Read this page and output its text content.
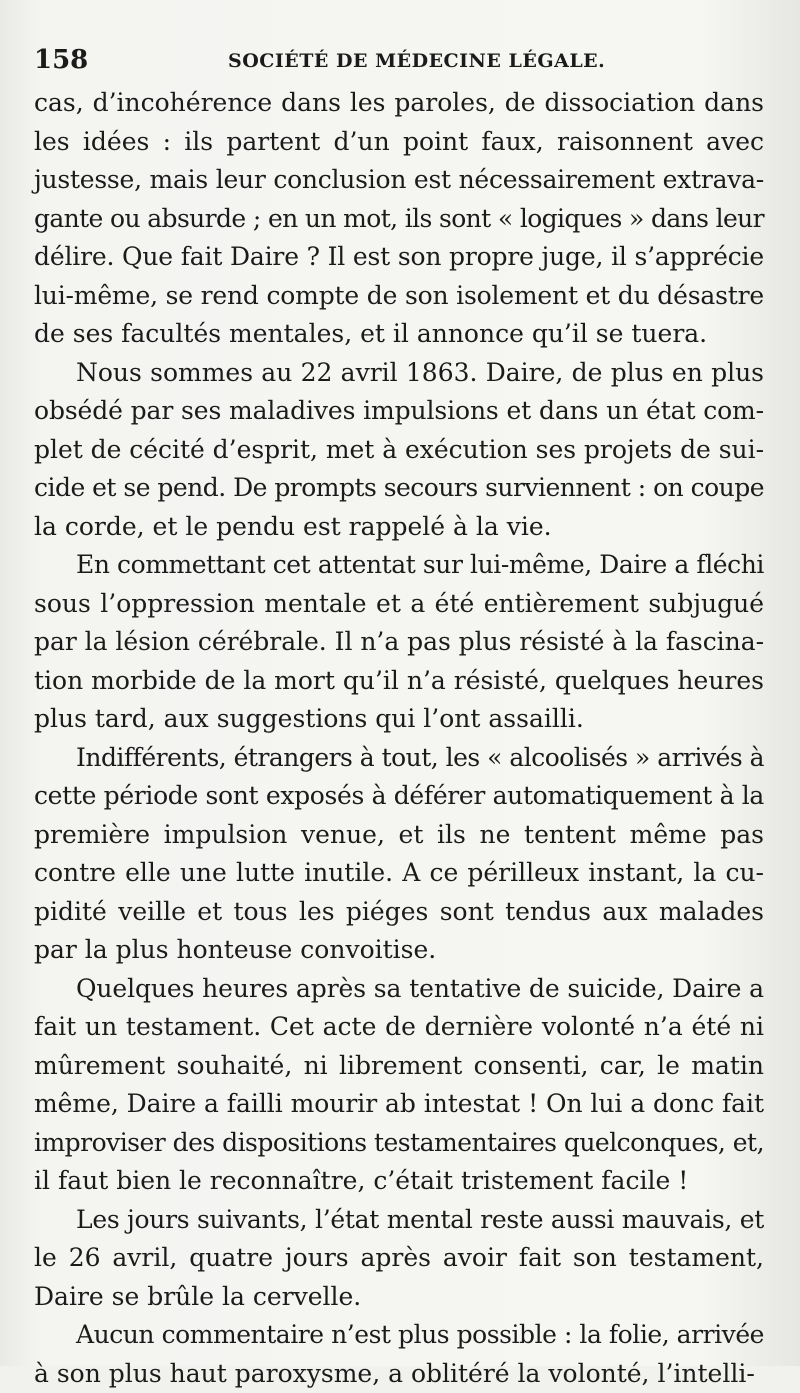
158	SOCIÉTÉ DE MÉDECINE LÉGALE.
cas, d’incohérence dans les paroles, de dissociation dans
les idées : ils partent d’un point faux, raisonnent avec
justesse, mais leur conclusion est nécessairement extrava-
gante ou absurde ; en un mot, ils sont « logiques » dans leur
délire. Que fait Daire ? Il est son propre juge, il s’apprécie
lui-même, se rend compte de son isolement et du désastre
de ses facultés mentales, et il annonce qu’il se tuera.
Nous sommes au 22 avril 1863. Daire, de plus en plus
obsédé par ses maladives impulsions et dans un état com-
plet de cécité d’esprit, met à exécution ses projets de sui-
cide et se pend. De prompts secours surviennent : on coupe
la corde, et le pendu est rappelé à la vie.
En commettant cet attentat sur lui-même, Daire a fléchi
sous l’oppression mentale et a été entièrement subjugué
par la lésion cérébrale. Il n’a pas plus résisté à la fascina-
tion morbide de la mort qu’il n’a résisté, quelques heures
plus tard, aux suggestions qui l’ont assailli.
Indifférents, étrangers à tout, les « alcoolisés » arrivés à
cette période sont exposés à déférer automatiquement à la
première impulsion venue, et ils ne tentent même pas
contre elle une lutte inutile. A ce périlleux instant, la cu-
pidité veille et tous les piéges sont tendus aux malades
par la plus honteuse convoitise.
Quelques heures après sa tentative de suicide, Daire a
fait un testament. Cet acte de dernière volonté n’a été ni
mûrement souhaité, ni librement consenti, car, le matin
même, Daire a failli mourir ab intestat ! On lui a donc fait
improviser des dispositions testamentaires quelconques, et,
il faut bien le reconnaître, c’était tristement facile !
Les jours suivants, l’état mental reste aussi mauvais, et
le 26 avril, quatre jours après avoir fait son testament,
Daire se brûle la cervelle.
Aucun commentaire n’est plus possible : la folie, arrivée
à son plus haut paroxysme, a oblitéré la volonté, l’intelli-
